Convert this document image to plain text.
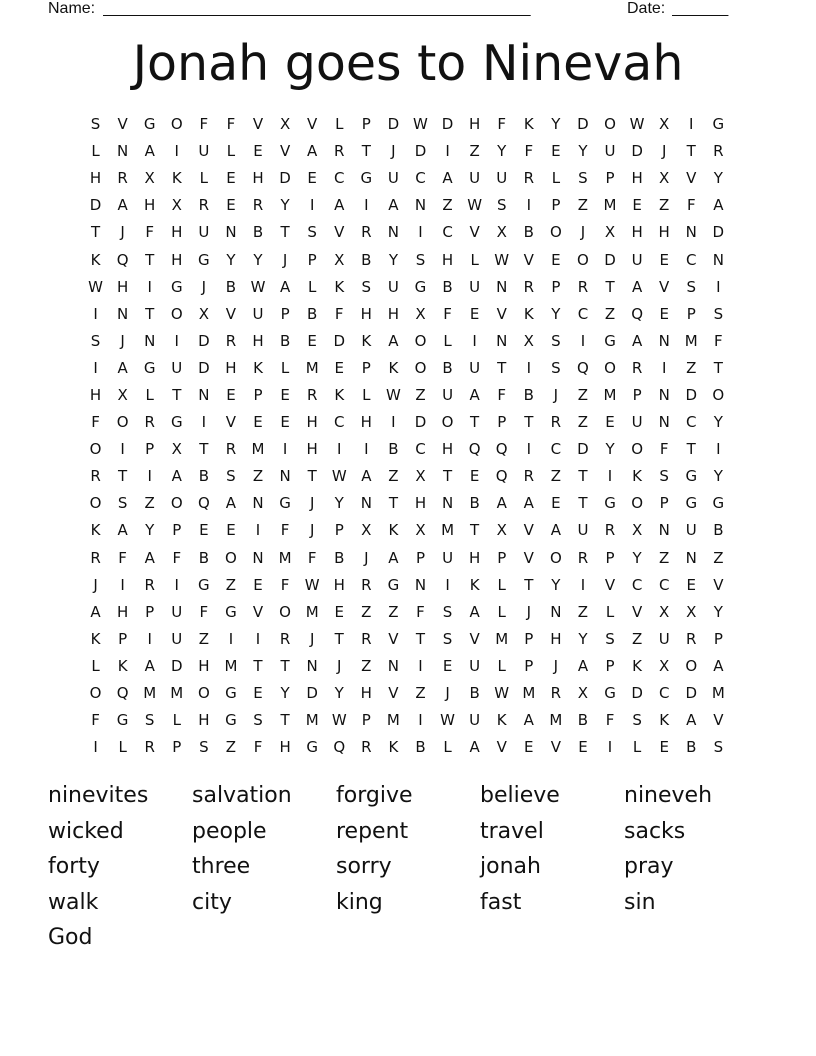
Name: ______________________________________________________	Date: _______
Jonah goes to Ninevah
S	V	G	O	F	F	V	X	V	L	P	D W D	H	F	K	Y	D	O W X	I	G
L	N	A	I	U	L	E	V	A	R	T	J	D	I	Z	Y	F	E	Y	U	D	J	T	R
H	R	X	K	L	E	H	D	E	C	G	U	C	A	U	U	R	L	S	P	H	X	V	Y
D	A	H	X	R	E	R	Y	I	A	I	A	N	Z W S	I	P	Z	M	E	Z	F	A
T	J	F	H	U	N	B	T	S	V	R	N	I	C	V	X	B	O	J	X	H	H	N	D
K	Q	T	H	G	Y	Y	J	P	X	B	Y	S	H	L	W V	E	O	D	U	E	C	N
W H	I	G	J	B W A	L	K	S	U	G	B	U	N	R	P	R	T	A	V	S	I
I	N	T	O	X	V	U	P	B	F	H	H	X	F	E	V	K	Y	C	Z	Q	E	P	S
S	J	N	I	D	R	H	B	E	D	K	A	O	L	I	N	X	S	I	G	A	N M	F
I	A	G	U	D	H	K	L	M	E	P	K	O	B	U	T	I	S	Q	O	R	I	Z	T
H	X	L	T	N	E	P	E	R	K	L	W Z	U	A	F	B	J	Z	M	P	N	D	O
F	O	R	G	I	V	E	E	H	C	H	I	D	O	T	P	T	R	Z	E	U	N	C	Y
O	I	P	X	T	R	M	I	H	I	I	B	C	H	Q	Q	I	C	D	Y	O	F	T	I
R	T	I	A	B	S	Z	N	T	W A	Z	X	T	E	Q	R	Z	T	I	K	S	G	Y
O	S	Z	O	Q	A	N	G	J	Y	N	T	H	N	B	A	A	E	T	G	O	P	G	G
K	A	Y	P	E	E	I	F	J	P	X	K	X	M	T	X	V	A	U	R	X	N	U	B
R	F	A	F	B	O	N M	F	B	J	A	P	U	H	P	V	O	R	P	Y	Z	N	Z
J	I	R	I	G	Z	E	F	W H	R	G	N	I	K	L	T	Y	I	V	C	C	E	V
A	H	P	U	F	G	V	O M	E	Z	Z	F	S	A	L	J	N	Z	L	V	X	X	Y
K	P	I	U	Z	I	I	R	J	T	R	V	T	S	V	M	P	H	Y	S	Z	U	R	P
L	K	A	D	H M	T	T	N	J	Z	N	I	E	U	L	P	J	A	P	K	X	O	A
O	Q M M O	G	E	Y	D	Y	H	V	Z	J	B W M	R	X	G	D	C	D M
F	G	S	L	H	G	S	T	M W	P	M	I	W U	K	A	M	B	F	S	K	A	V
I	L	R	P	S	Z	F	H	G	Q	R	K	B	L	A	V	E	V	E	I	L	E	B	S
ninevites	salvation	forgive	believe	nineveh
wicked	people	repent	travel	sacks
forty	three	sorry	jonah	pray
walk	city	king	fast	sin
God
